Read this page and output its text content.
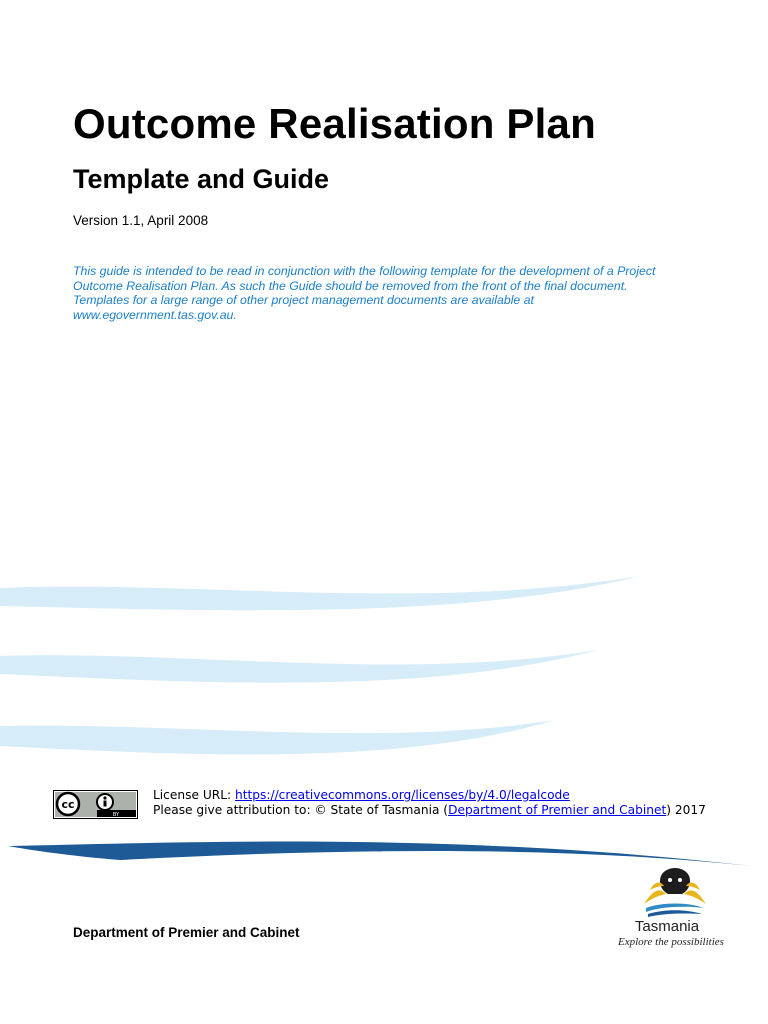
Outcome Realisation Plan
Template and Guide
Version 1.1, April 2008
This guide is intended to be read in conjunction with the following template for the development of a Project
Outcome Realisation Plan. As such the Guide should be removed from the front of the final document.
Templates for a large range of other project management documents are available at
www.egovernment.tas.gov.au.
cc
BY
License URL: https://creativecommons.org/licenses/by/4.0/legalcode
Please give attribution to: © State of Tasmania (Department of Premier and Cabinet) 2017
Department of Premier and Cabinet	Tasmania
Explore the possibilities
